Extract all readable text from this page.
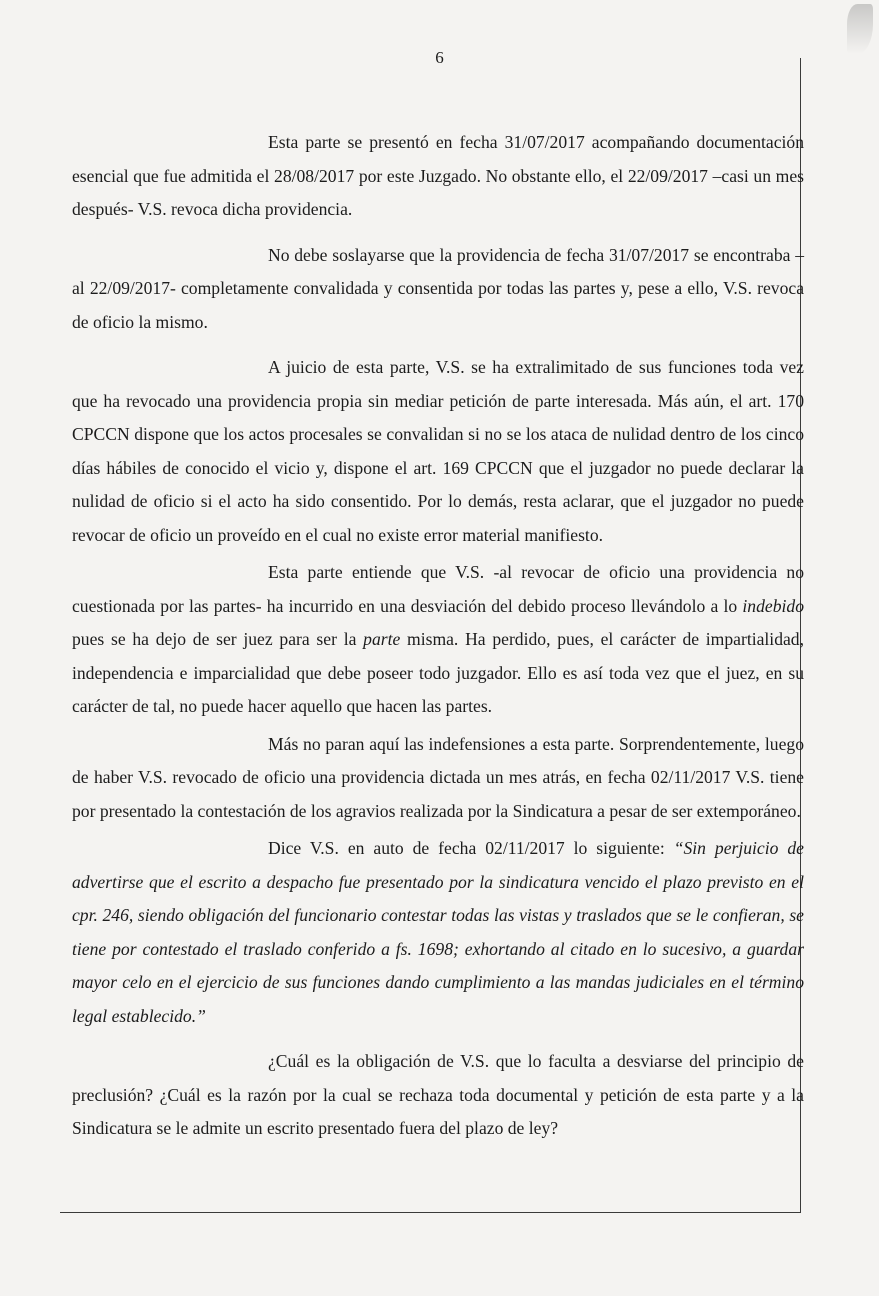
6

Esta parte se presentó en fecha 31/07/2017 acompañando documentación esencial que fue admitida el 28/08/2017 por este Juzgado. No obstante ello, el 22/09/2017 –casi un mes después- V.S. revoca dicha providencia.

No debe soslayarse que la providencia de fecha 31/07/2017 se encontraba –al 22/09/2017- completamente convalidada y consentida por todas las partes y, pese a ello, V.S. revoca de oficio la mismo.

A juicio de esta parte, V.S. se ha extralimitado de sus funciones toda vez que ha revocado una providencia propia sin mediar petición de parte interesada. Más aún, el art. 170 CPCCN dispone que los actos procesales se convalidan si no se los ataca de nulidad dentro de los cinco días hábiles de conocido el vicio y, dispone el art. 169 CPCCN que el juzgador no puede declarar la nulidad de oficio si el acto ha sido consentido. Por lo demás, resta aclarar, que el juzgador no puede revocar de oficio un proveído en el cual no existe error material manifiesto.

Esta parte entiende que V.S. -al revocar de oficio una providencia no cuestionada por las partes- ha incurrido en una desviación del debido proceso llevándolo a lo indebido pues se ha dejo de ser juez para ser la parte misma. Ha perdido, pues, el carácter de impartialidad, independencia e imparcialidad que debe poseer todo juzgador. Ello es así toda vez que el juez, en su carácter de tal, no puede hacer aquello que hacen las partes.

Más no paran aquí las indefensiones a esta parte. Sorprendentemente, luego de haber V.S. revocado de oficio una providencia dictada un mes atrás, en fecha 02/11/2017 V.S. tiene por presentado la contestación de los agravios realizada por la Sindicatura a pesar de ser extemporáneo.

Dice V.S. en auto de fecha 02/11/2017 lo siguiente: “Sin perjuicio de advertirse que el escrito a despacho fue presentado por la sindicatura vencido el plazo previsto en el cpr. 246, siendo obligación del funcionario contestar todas las vistas y traslados que se le confieran, se tiene por contestado el traslado conferido a fs. 1698; exhortando al citado en lo sucesivo, a guardar mayor celo en el ejercicio de sus funciones dando cumplimiento a las mandas judiciales en el término legal establecido.”

¿Cuál es la obligación de V.S. que lo faculta a desviarse del principio de preclusión? ¿Cuál es la razón por la cual se rechaza toda documental y petición de esta parte y a la Sindicatura se le admite un escrito presentado fuera del plazo de ley?
